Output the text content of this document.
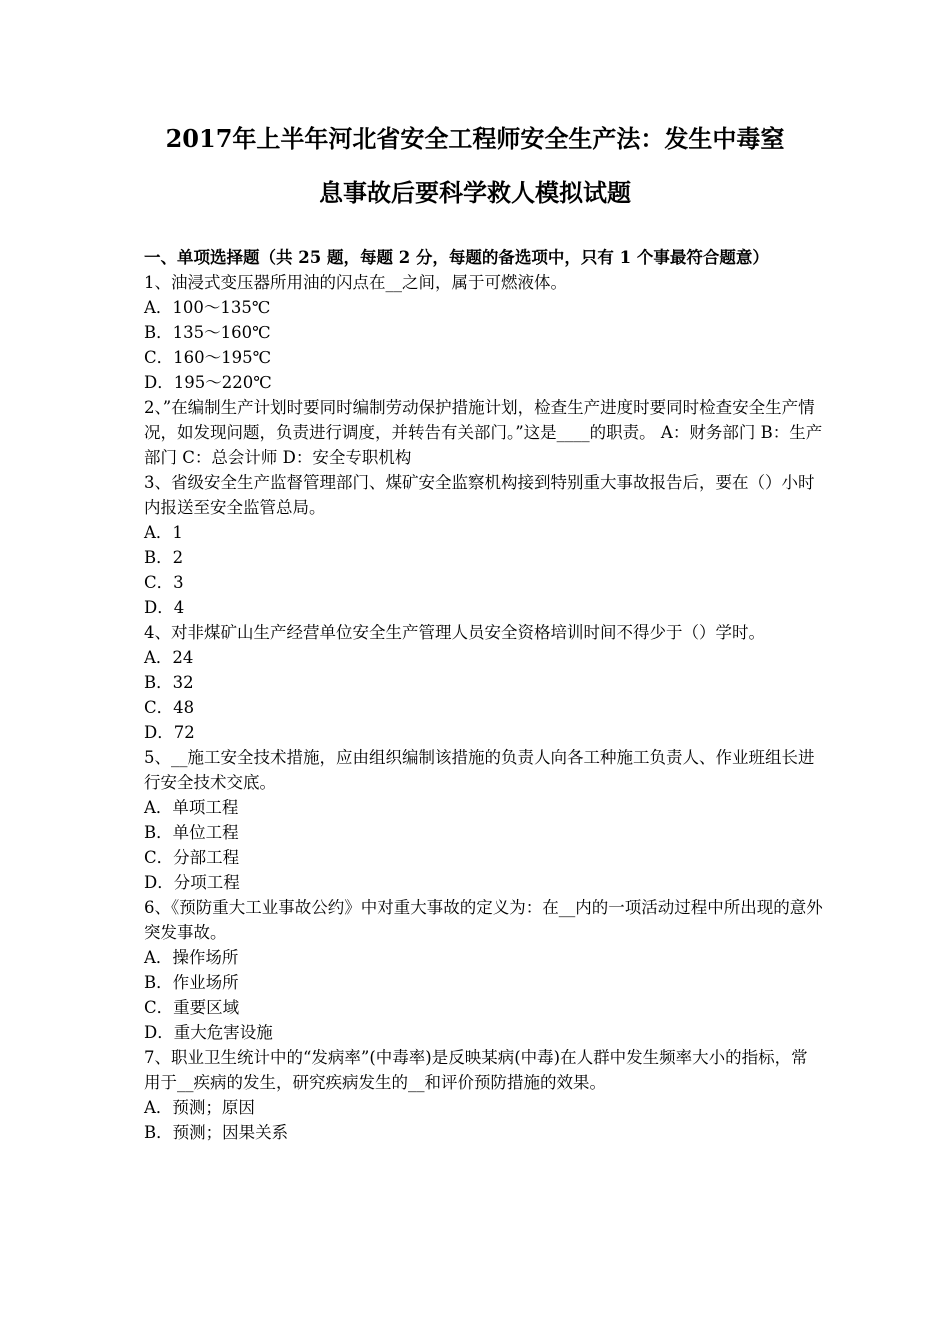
2017年上半年河北省安全工程师安全生产法：发生中毒窒
息事故后要科学救人模拟试题

一、单项选择题（共 25 题，每题 2 分，每题的备选项中，只有 1 个事最符合题意）

1、油浸式变压器所用油的闪点在__之间，属于可燃液体。

A．100～135℃

B．135～160℃

C．160～195℃

D．195～220℃

2、”在编制生产计划时要同时编制劳动保护措施计划，检查生产进度时要同时检查安全生产情况，如发现问题，负责进行调度，并转告有关部门。”这是____的职责。 A：财务部门 B：生产部门 C：总会计师 D：安全专职机构

3、省级安全生产监督管理部门、煤矿安全监察机构接到特别重大事故报告后，要在（）小时内报送至安全监管总局。

A．1

B．2

C．3

D．4

4、对非煤矿山生产经营单位安全生产管理人员安全资格培训时间不得少于（）学时。

A．24

B．32

C．48

D．72

5、__施工安全技术措施，应由组织编制该措施的负责人向各工种施工负责人、作业班组长进行安全技术交底。

A．单项工程

B．单位工程

C．分部工程

D．分项工程

6、《预防重大工业事故公约》中对重大事故的定义为：在__内的一项活动过程中所出现的意外突发事故。

A．操作场所

B．作业场所

C．重要区域

D．重大危害设施

7、职业卫生统计中的“发病率”(中毒率)是反映某病(中毒)在人群中发生频率大小的指标，常用于__疾病的发生，研究疾病发生的__和评价预防措施的效果。

A．预测；原因

B．预测；因果关系
